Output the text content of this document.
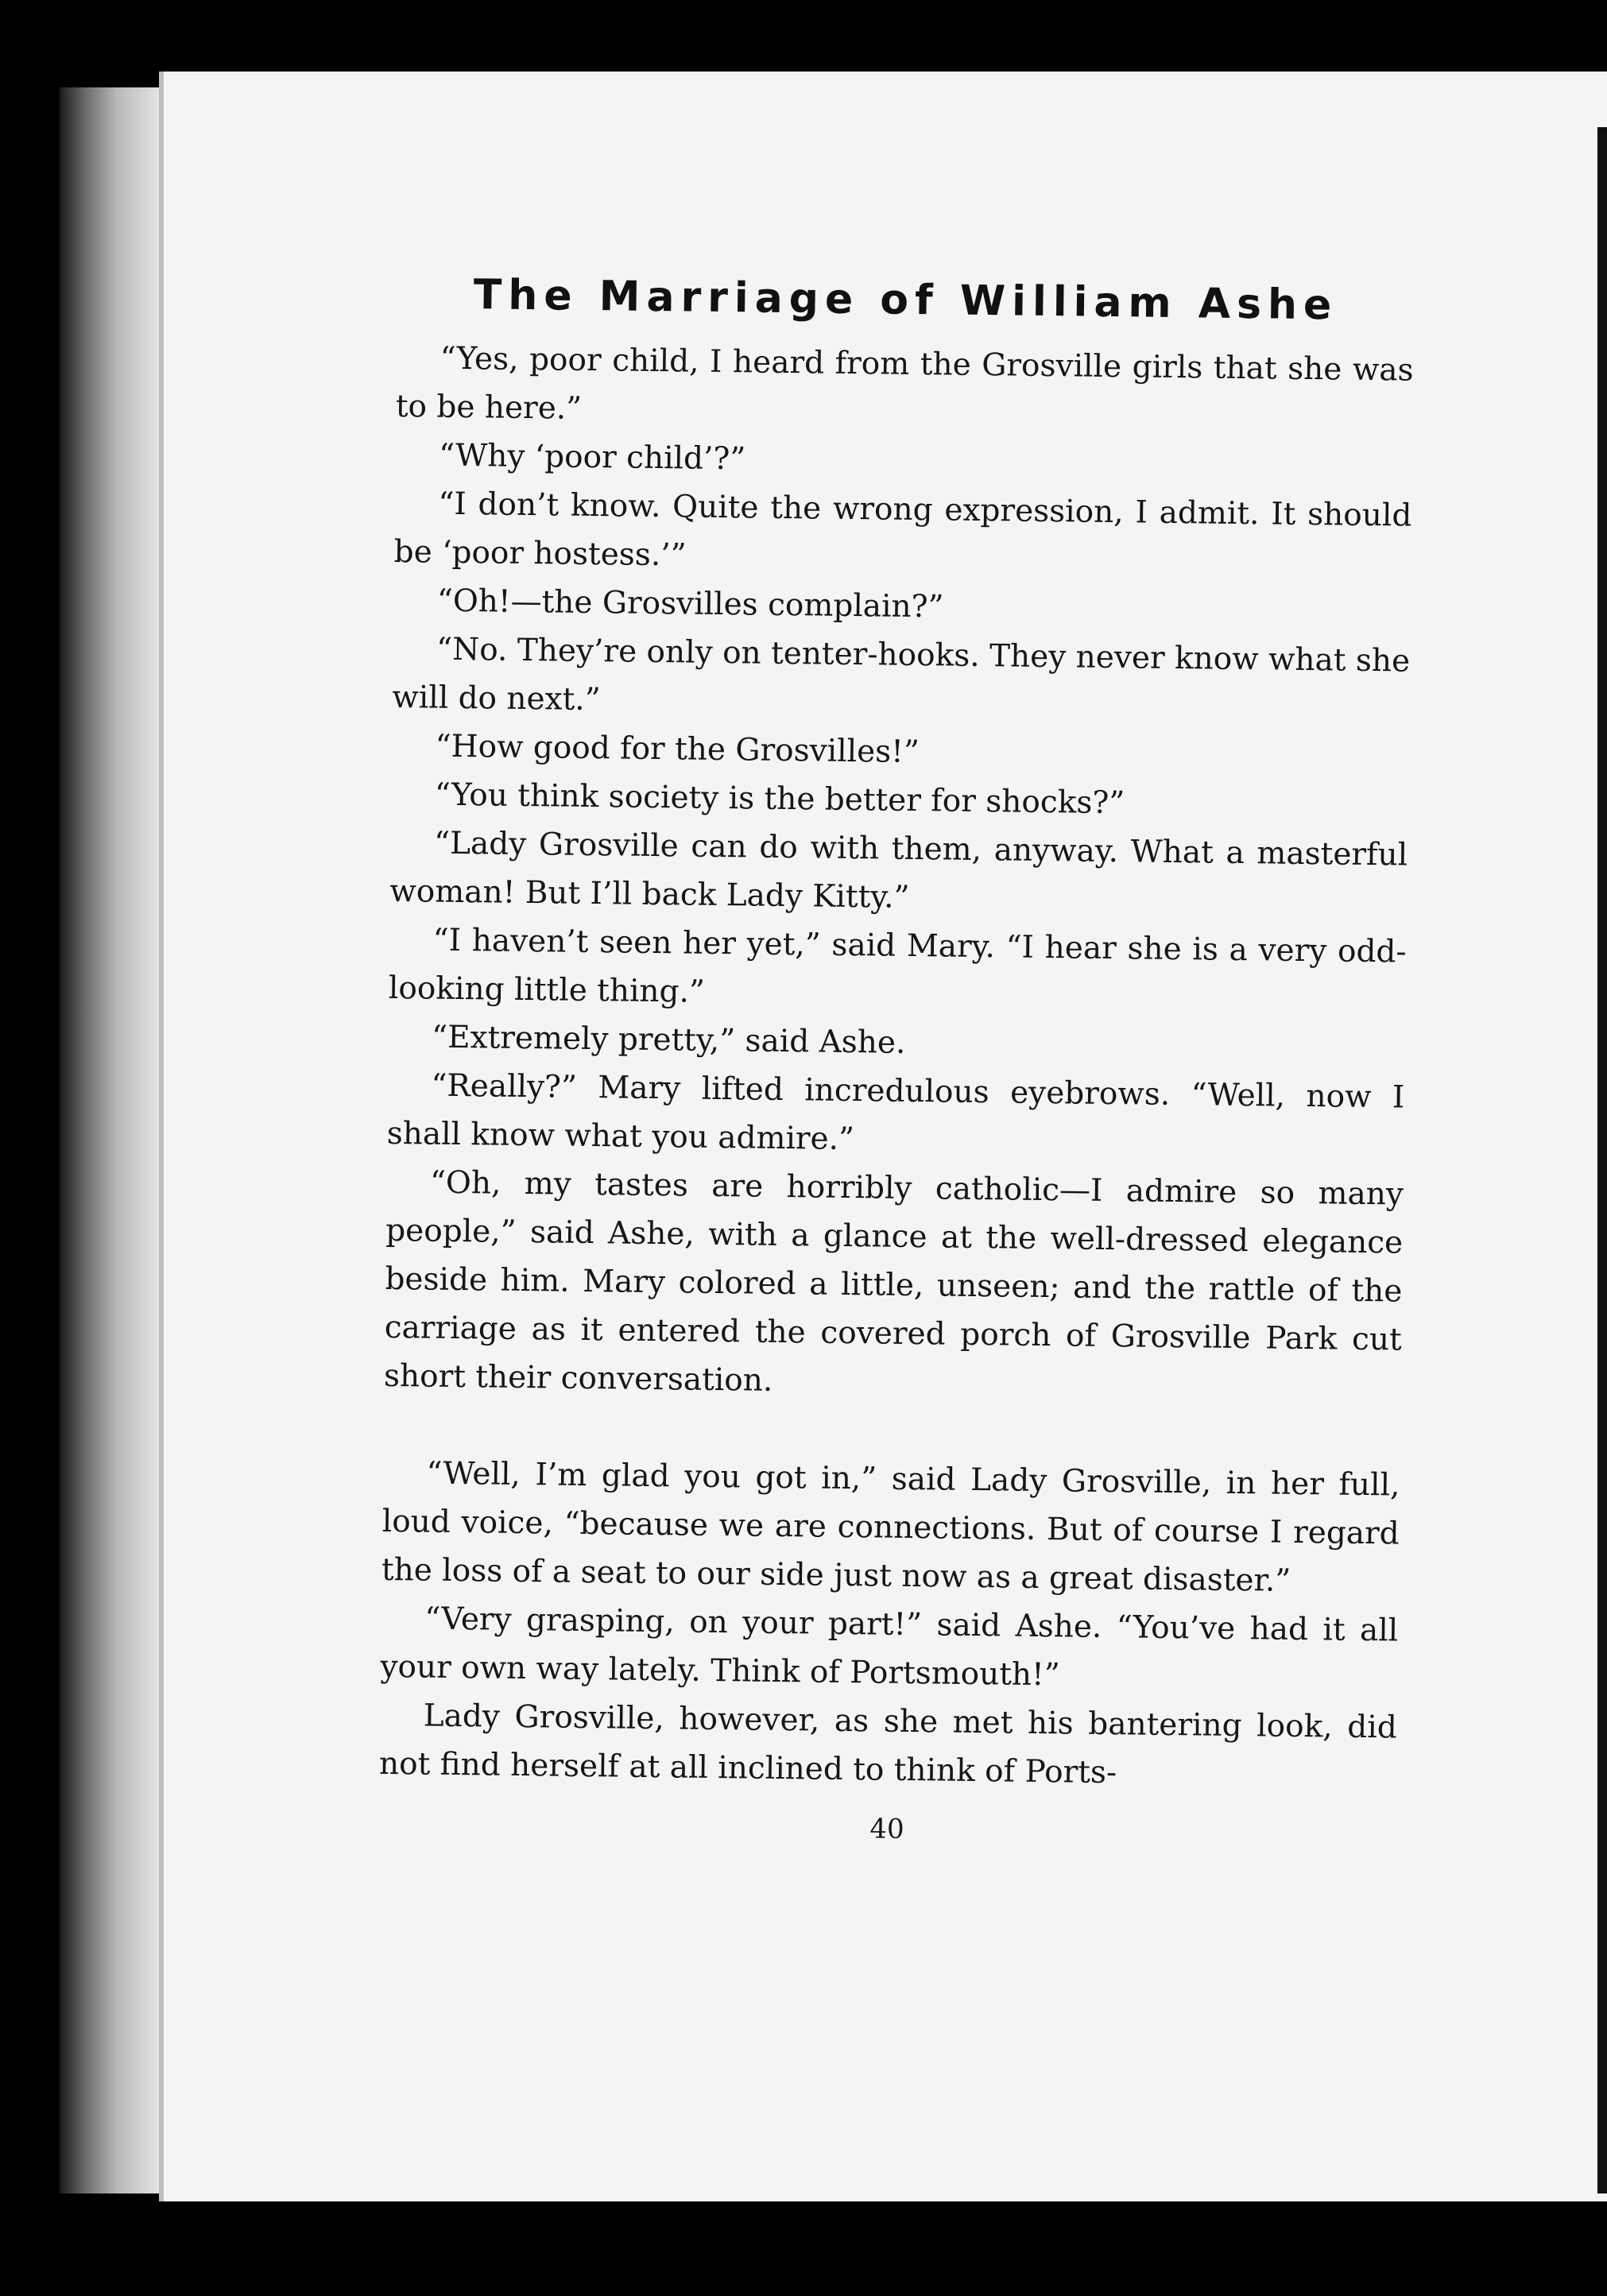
The Marriage of William Ashe

“Yes, poor child, I heard from the Grosville girls that she was to be here.”

“Why ‘poor child’?”

“I don’t know. Quite the wrong expression, I admit. It should be ‘poor hostess.’”

“Oh!—the Grosvilles complain?”

“No. They’re only on tenter-hooks. They never know what she will do next.”

“How good for the Grosvilles!”

“You think society is the better for shocks?”

“Lady Grosville can do with them, anyway. What a masterful woman! But I’ll back Lady Kitty.”

“I haven’t seen her yet,” said Mary. “I hear she is a very odd-looking little thing.”

“Extremely pretty,” said Ashe.

“Really?” Mary lifted incredulous eyebrows. “Well, now I shall know what you admire.”

“Oh, my tastes are horribly catholic—I admire so many people,” said Ashe, with a glance at the well-dressed elegance beside him. Mary colored a little, unseen; and the rattle of the carriage as it entered the covered porch of Grosville Park cut short their conversation.

“Well, I’m glad you got in,” said Lady Grosville, in her full, loud voice, “because we are connections. But of course I regard the loss of a seat to our side just now as a great disaster.”

“Very grasping, on your part!” said Ashe. “You’ve had it all your own way lately. Think of Portsmouth!”

Lady Grosville, however, as she met his bantering look, did not find herself at all inclined to think of Ports-

40
